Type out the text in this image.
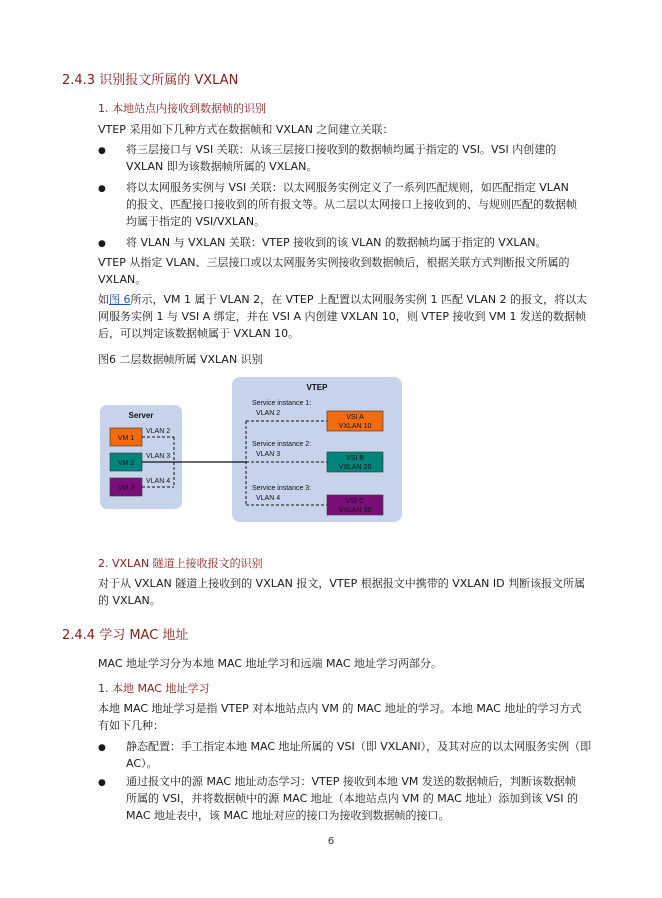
2.4.3 识别报文所属的 VXLAN
1. 本地站点内接收到数据帧的识别
VTEP 采用如下几种方式在数据帧和 VXLAN 之间建立关联：
● 将三层接口与 VSI 关联：从该三层接口接收到的数据帧均属于指定的 VSI。VSI 内创建的
VXLAN 即为该数据帧所属的 VXLAN。
● 将以太网服务实例与 VSI 关联：以太网服务实例定义了一系列匹配规则，如匹配指定 VLAN
的报文、匹配接口接收到的所有报文等。从二层以太网接口上接收到的、与规则匹配的数据帧
均属于指定的 VSI/VXLAN。
● 将 VLAN 与 VXLAN 关联：VTEP 接收到的该 VLAN 的数据帧均属于指定的 VXLAN。
VTEP 从指定 VLAN、三层接口或以太网服务实例接收到数据帧后，根据关联方式判断报文所属的
VXLAN。
如图 6所示，VM 1 属于 VLAN 2，在 VTEP 上配置以太网服务实例 1 匹配 VLAN 2 的报文，将以太
网服务实例 1 与 VSI A 绑定，并在 VSI A 内创建 VXLAN 10，则 VTEP 接收到 VM 1 发送的数据帧
后，可以判定该数据帧属于 VXLAN 10。
图6 二层数据帧所属 VXLAN 识别
VTEP
Server
VM 1
VM 2
VM 3
VLAN 2
VLAN 3
VLAN 4
Service instance 1:
VLAN 2
Service instance 2:
VLAN 3
Service instance 3:
VLAN 4
VSI A
VXLAN 10
VSI B
VXLAN 20
VSI C
VXLAN 30
2. VXLAN 隧道上接收报文的识别
对于从 VXLAN 隧道上接收到的 VXLAN 报文，VTEP 根据报文中携带的 VXLAN ID 判断该报文所属
的 VXLAN。
2.4.4 学习 MAC 地址
MAC 地址学习分为本地 MAC 地址学习和远端 MAC 地址学习两部分。
1. 本地 MAC 地址学习
本地 MAC 地址学习是指 VTEP 对本地站点内 VM 的 MAC 地址的学习。本地 MAC 地址的学习方式
有如下几种：
● 静态配置：手工指定本地 MAC 地址所属的 VSI（即 VXLANI），及其对应的以太网服务实例（即
AC）。
● 通过报文中的源 MAC 地址动态学习：VTEP 接收到本地 VM 发送的数据帧后，判断该数据帧
所属的 VSI，并将数据帧中的源 MAC 地址（本地站点内 VM 的 MAC 地址）添加到该 VSI 的
MAC 地址表中，该 MAC 地址对应的接口为接收到数据帧的接口。
6
